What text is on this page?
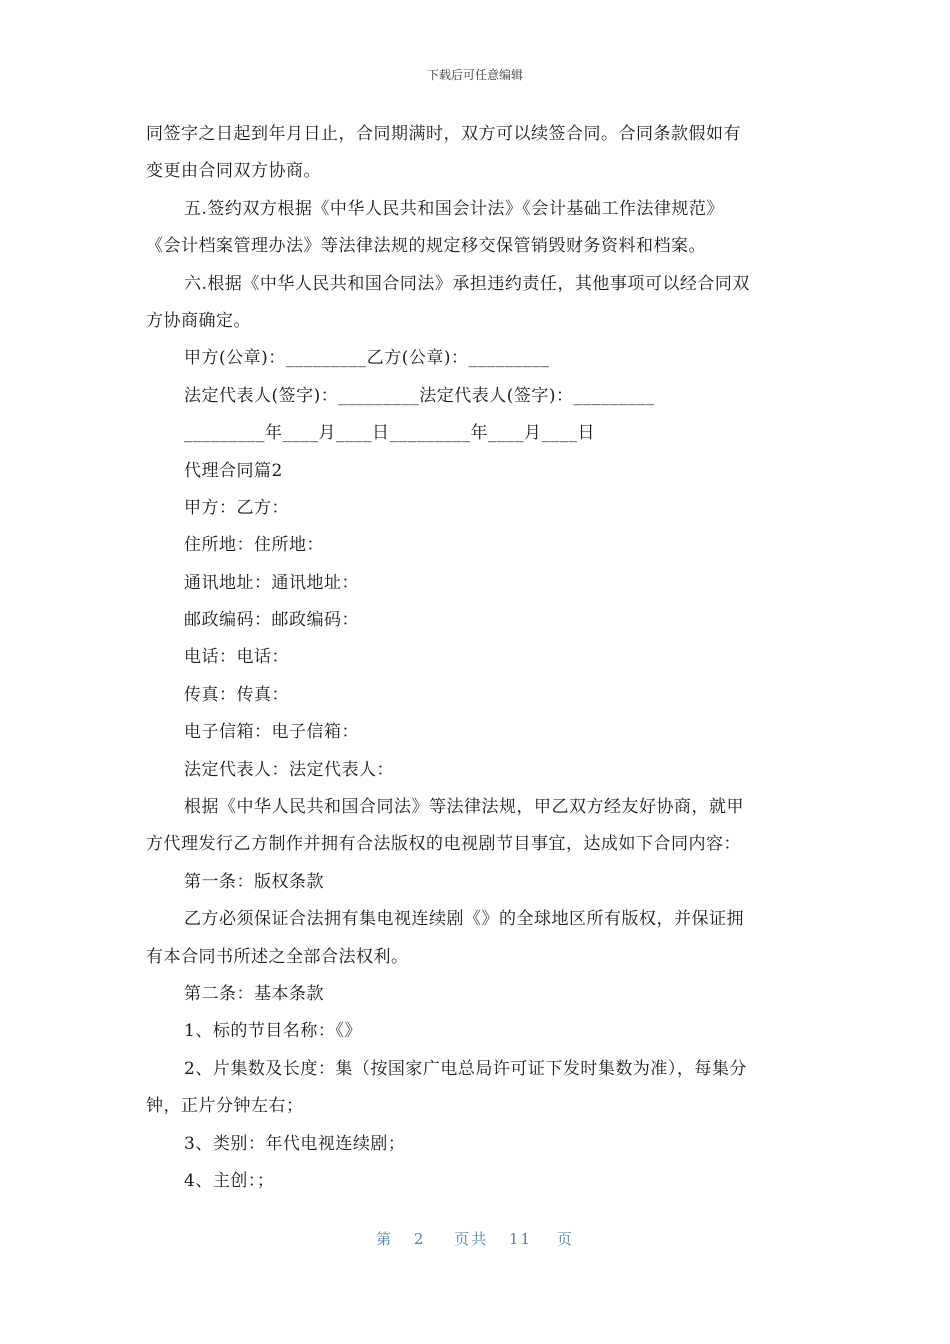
下载后可任意编辑
同签字之日起到年月日止，合同期满时，双方可以续签合同。合同条款假如有
变更由合同双方协商。
五.签约双方根据《中华人民共和国会计法》《会计基础工作法律规范》
《会计档案管理办法》等法律法规的规定移交保管销毁财务资料和档案。
六.根据《中华人民共和国合同法》承担违约责任，其他事项可以经合同双
方协商确定。
甲方(公章)：_________乙方(公章)：_________
法定代表人(签字)：_________法定代表人(签字)：_________
_________年____月____日_________年____月____日
代理合同篇2
甲方：乙方：
住所地：住所地：
通讯地址：通讯地址：
邮政编码：邮政编码：
电话：电话：
传真：传真：
电子信箱：电子信箱：
法定代表人：法定代表人：
根据《中华人民共和国合同法》等法律法规，甲乙双方经友好协商，就甲
方代理发行乙方制作并拥有合法版权的电视剧节目事宜，达成如下合同内容：
第一条：版权条款
乙方必须保证合法拥有集电视连续剧《》的全球地区所有版权，并保证拥
有本合同书所述之全部合法权利。
第二条：基本条款
1、标的节目名称：《》
2、片集数及长度：集（按国家广电总局许可证下发时集数为准），每集分
钟，正片分钟左右；
3、类别：年代电视连续剧；
4、主创：；
第 2 页共 11 页
